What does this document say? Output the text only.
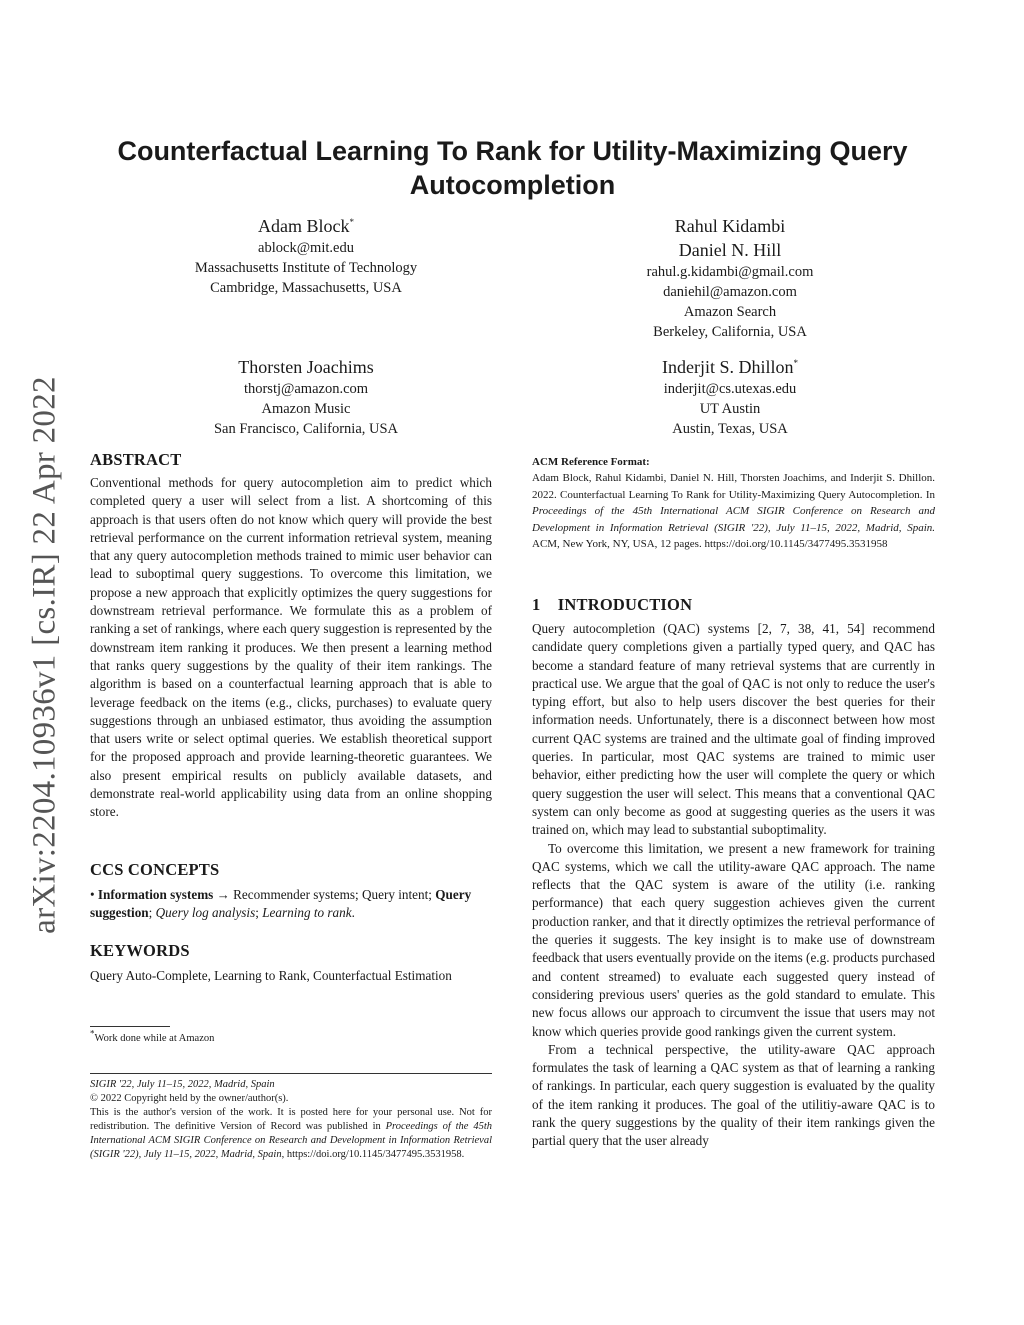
arXiv:2204.10936v1 [cs.IR] 22 Apr 2022
Counterfactual Learning To Rank for Utility-Maximizing Query Autocompletion
Adam Block*
ablock@mit.edu
Massachusetts Institute of Technology
Cambridge, Massachusetts, USA
Rahul Kidambi
Daniel N. Hill
rahul.g.kidambi@gmail.com
daniehil@amazon.com
Amazon Search
Berkeley, California, USA
Thorsten Joachims
thorstj@amazon.com
Amazon Music
San Francisco, California, USA
Inderjit S. Dhillon*
inderjit@cs.utexas.edu
UT Austin
Austin, Texas, USA
ABSTRACT

Conventional methods for query autocompletion aim to predict which completed query a user will select from a list. A shortcoming of this approach is that users often do not know which query will provide the best retrieval performance on the current information retrieval system, meaning that any query autocompletion methods trained to mimic user behavior can lead to suboptimal query suggestions. To overcome this limitation, we propose a new approach that explicitly optimizes the query suggestions for downstream retrieval performance. We formulate this as a problem of ranking a set of rankings, where each query suggestion is represented by the downstream item ranking it produces. We then present a learning method that ranks query suggestions by the quality of their item rankings. The algorithm is based on a counterfactual learning approach that is able to leverage feedback on the items (e.g., clicks, purchases) to evaluate query suggestions through an unbiased estimator, thus avoiding the assumption that users write or select optimal queries. We establish theoretical support for the proposed approach and provide learning-theoretic guarantees. We also present empirical results on publicly available datasets, and demonstrate real-world applicability using data from an online shopping store.

CCS CONCEPTS

• Information systems → Recommender systems; Query intent; Query suggestion; Query log analysis; Learning to rank.

KEYWORDS

Query Auto-Complete, Learning to Rank, Counterfactual Estimation

*Work done while at Amazon

SIGIR '22, July 11–15, 2022, Madrid, Spain

© 2022 Copyright held by the owner/author(s).

This is the author's version of the work. It is posted here for your personal use. Not for redistribution. The definitive Version of Record was published in Proceedings of the 45th International ACM SIGIR Conference on Research and Development in Information Retrieval (SIGIR '22), July 11–15, 2022, Madrid, Spain, https://doi.org/10.1145/3477495.3531958.

ACM Reference Format:

Adam Block, Rahul Kidambi, Daniel N. Hill, Thorsten Joachims, and Inderjit S. Dhillon. 2022. Counterfactual Learning To Rank for Utility-Maximizing Query Autocompletion. In Proceedings of the 45th International ACM SIGIR Conference on Research and Development in Information Retrieval (SIGIR '22), July 11–15, 2022, Madrid, Spain. ACM, New York, NY, USA, 12 pages. https://doi.org/10.1145/3477495.3531958

1 INTRODUCTION

Query autocompletion (QAC) systems [2, 7, 38, 41, 54] recommend candidate query completions given a partially typed query, and QAC has become a standard feature of many retrieval systems that are currently in practical use. We argue that the goal of QAC is not only to reduce the user's typing effort, but also to help users discover the best queries for their information needs. Unfortunately, there is a disconnect between how most current QAC systems are trained and the ultimate goal of finding improved queries. In particular, most QAC systems are trained to mimic user behavior, either predicting how the user will complete the query or which query suggestion the user will select. This means that a conventional QAC system can only become as good at suggesting queries as the users it was trained on, which may lead to substantial suboptimality.

To overcome this limitation, we present a new framework for training QAC systems, which we call the utility-aware QAC approach. The name reflects that the QAC system is aware of the utility (i.e. ranking performance) that each query suggestion achieves given the current production ranker, and that it directly optimizes the retrieval performance of the queries it suggests. The key insight is to make use of downstream feedback that users eventually provide on the items (e.g. products purchased and content streamed) to evaluate each suggested query instead of considering previous users' queries as the gold standard to emulate. This new focus allows our approach to circumvent the issue that users may not know which queries provide good rankings given the current system.

From a technical perspective, the utility-aware QAC approach formulates the task of learning a QAC system as that of learning a ranking of rankings. In particular, each query suggestion is evaluated by the quality of the item ranking it produces. The goal of the utilitiy-aware QAC is to rank the query suggestions by the quality of their item rankings given the partial query that the user already
